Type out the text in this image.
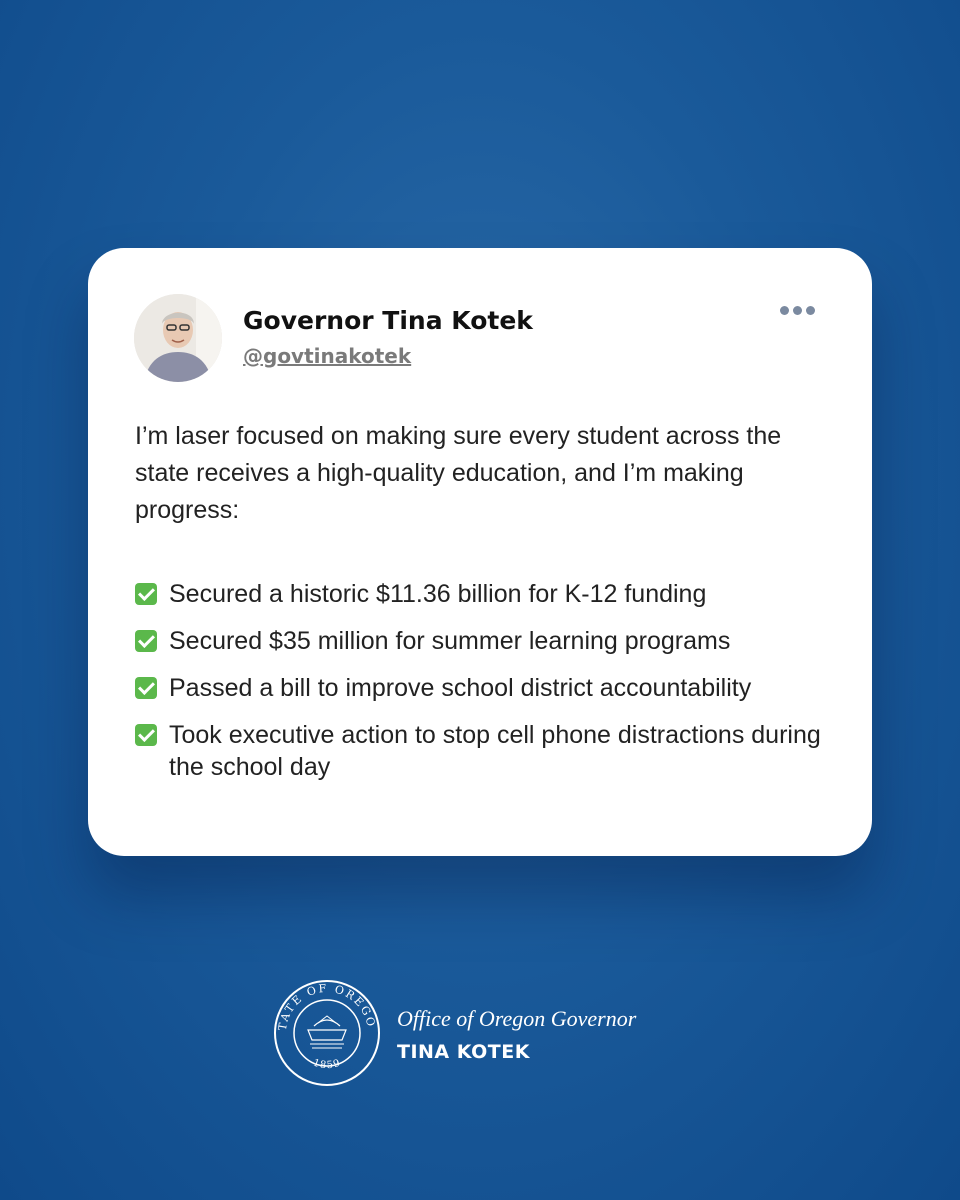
Governor Tina Kotek
@govtinakotek
I’m laser focused on making sure every student across the state receives a high-quality education, and I’m making progress:
Secured a historic $11.36 billion for K-12 funding
Secured $35 million for summer learning programs
Passed a bill to improve school district accountability
Took executive action to stop cell phone distractions during the school day
TATE OF OREGO
1859
Office of Oregon Governor
TINA KOTEK
